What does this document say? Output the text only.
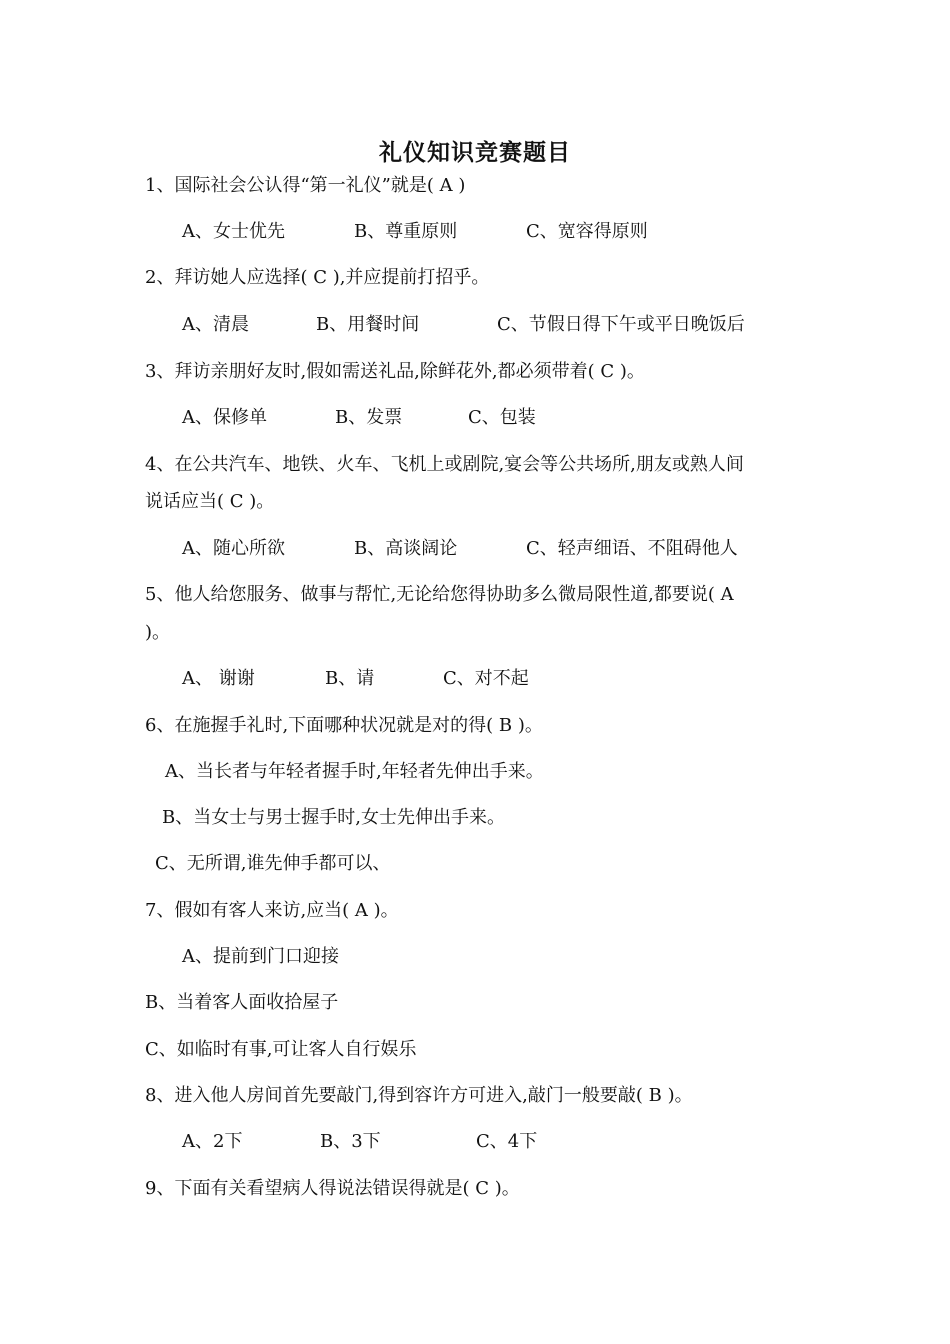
礼仪知识竞赛题目
1、国际社会公认得“第一礼仪”就是( A )
A、女士优先	B、尊重原则	C、宽容得原则
2、拜访她人应选择( C ),并应提前打招乎。
A、清晨	B、用餐时间	C、节假日得下午或平日晚饭后
3、拜访亲朋好友时,假如需送礼品,除鲜花外,都必须带着( C )。
A、保修单	B、发票	C、包装
4、在公共汽车、地铁、火车、飞机上或剧院,宴会等公共场所,朋友或熟人间
说话应当( C )。
A、随心所欲	B、高谈阔论	C、轻声细语、不阻碍他人
5、他人给您服务、做事与帮忙,无论给您得协助多么微局限性道,都要说( A
)。
A、 谢谢	B、请	C、对不起
6、在施握手礼时,下面哪种状况就是对的得( B )。
A、当长者与年轻者握手时,年轻者先伸出手来。
B、当女士与男士握手时,女士先伸出手来。
C、无所谓,谁先伸手都可以、
7、假如有客人来访,应当( A )。
A、提前到门口迎接
B、当着客人面收拾屋子
C、如临时有事,可让客人自行娱乐
8、进入他人房间首先要敲门,得到容许方可进入,敲门一般要敲( B )。
A、2下	B、3下	C、4下
9、下面有关看望病人得说法错误得就是( C )。
